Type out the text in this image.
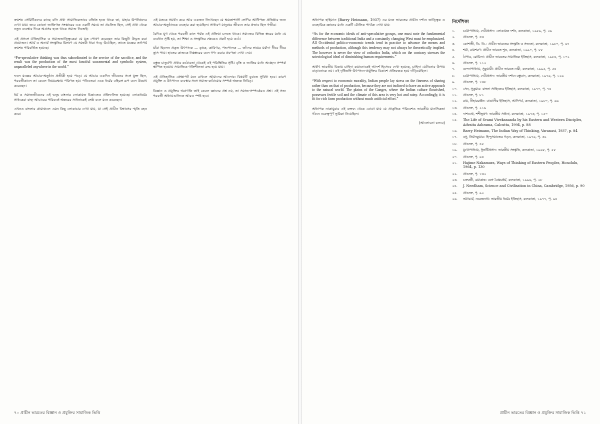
ক্রমশঃ সেমিটিকদের কাছে বলি প্রথা সামাজিকভাবে বর্জিত হতে থাকে তা, যাহার উপনিষদের দেখা যায়। তবে কোনো জাতিগত সংস্কারের এক একটি সময়ে তা প্রচলিত ছিল, সেই প্রথা থেকে নতুন ব্যবস্থার দিকে অগ্রসর হতে থাকে সমাজ নিজেই।

এই প্রসঙ্গে ঐতিহাসিক ও সমাজতাত্ত্বিকেরা যে মত পোষণ করেছেন তার কিছুটা উদ্ধৃত করা প্রয়োজন। আর্য ও অনার্য সংস্কৃতির মিশ্রণে যে সমন্বয়ী ধারা গড়ে উঠেছিল, তাতে যজ্ঞের তাৎপর্য ক্রমশঃ পরিবর্তিত হয়েছে।

“Pre-speculative thinking was thus subordinated to the service of the sacrifice, and the result was the production of the most fanciful sacramental and symbolic system, unparalleled anywhere in the world.”

ফলে যজ্ঞের আচার-অনুষ্ঠান প্রতীকী হয়ে পড়ে। যে আচার একদিন জীবনের সঙ্গে যুক্ত ছিল, পরবর্তীকালে তা কেবল নিয়মরক্ষায় পরিণত হয়। পণ্ডিতেরা একে ধর্মের বহিরঙ্গ রূপ বলে উল্লেখ করেছেন।

ধর্ম ও সমাজজীবনের এই দ্বন্দ্ব বাংলার লোকায়ত চিন্তাতেও প্রতিফলিত হয়েছে। লোকধর্মের সাধকেরা বাহ্য আচারের পরিবর্তে অন্তরের সাধনাকেই শ্রেষ্ঠ বলে মনে করেছেন।

এখনও বাংলার গ্রামাঞ্চলে এমন কিছু লোকাচার দেখা যায়, যা সেই প্রাচীন বিশ্বাসের স্মৃতি বহন করে।

এই মতকে সমর্থন করে আর একজন লিখেছেন যে ক্ষমতাশালী শ্রেণির আধিপত্য প্রতিষ্ঠার জন্য আচার-অনুষ্ঠানকে ব্যবহার করা হয়েছিল। সাধারণ মানুষের জীবনে তার প্রভাব ছিল গভীর।

বৈদিক যুগ থেকে পরবর্তী কাল পর্যন্ত এই প্রক্রিয়া চলতে থাকে। সমাজের বিভিন্ন স্তরের মধ্যে যে ব্যবধান সৃষ্টি হয়, তা শিক্ষা ও সংস্কৃতির ক্ষেত্রেও প্রকট হয়ে ওঠে।

যাঁরা ছিলেন প্রকৃত উৎপাদক — কৃষক, কারিগর, পশুপালক — তাঁদের শ্রমের মর্যাদা ধীরে ধীরে হ্রাস পায়। হাতের কাজকে নিম্নস্তরের বলে গণ্য করার প্রবণতা দেখা দেয়।

বস্তুত চাতুর্বর্ণ্য প্রথার কঠোরতা থেকেই এই পরিস্থিতির সৃষ্টি। বৃত্তি ও জাতির মধ্যে অচ্ছেদ্য সম্পর্ক স্থাপিত হওয়ায় সামাজিক গতিশীলতা রুদ্ধ হয়ে যায়।

এই ঐতিহাসিক প্রেক্ষাপট মনে রাখলে আমাদের আলোচ্য বিষয়টি বুঝতে সুবিধা হবে। কারণ প্রযুক্তি ও উৎপাদন ব্যবস্থার সঙ্গে সমাজ-কাঠামোর সম্পর্ক অত্যন্ত নিবিড়।

বিজ্ঞান ও প্রযুক্তির অগ্রগতি তাই কেবল জ্ঞানের প্রশ্ন নয়, তা সমাজ-সম্পর্কেরও প্রশ্ন। এই সত্য পরবর্তী অধ্যায়গুলিতে আরও স্পষ্ট হবে।

৭০ প্রাচীন ভারতের বিজ্ঞান ও প্রযুক্তির সামাজিক ভিত্তি

অধ্যাপক হাইম্যান (Barry Heimann, 1937) এর মতে ভারতের প্রাচীন দর্শনে তাত্ত্বিক ও ব্যবহারিক জ্ঞানের মধ্যে একটি মৌলিক পার্থক্য দেখা যায়:

“As for the economic ideals of anti-speculative groups, one must note the fundamental difference between traditional India and a constantly changing West must be emphasized. All Occidental politico-economic trends tend in practice to advance the means and methods of production, although this tendency may not always be theoretically implied. The however is never the view of orthodox India, which on the contrary stresses the soteriological ideal of diminishing human requirements.”

অর্থাৎ ভারতীয় চিন্তায় চাহিদা কমানোকেই আদর্শ হিসেবে দেখা হয়েছে, চাহিদা মেটানোর উপায় বাড়ানোকে নয়। এই দৃষ্টিভঙ্গি উৎপাদন-প্রযুক্তির বিকাশে প্রতিবন্ধক হয়ে দাঁড়িয়েছিল।

“With respect to economic morality, Indian people lay stress on the fineness of sharing rather than on that of production, because they are not inclined to have an active approach to the natural world. The plains of the Ganges, where the Indian culture flourished, possesses fertile soil and the climate of this area is very hot and rainy. Accordingly, it is fit for rich farm production without much artificial effort.”

অধ্যাপক নাকামুরার এই বক্তব্য থেকে বোঝা যায় যে প্রাকৃতিক পরিবেশও ভারতীয় মানসিকতা গঠনে গুরুত্বপূর্ণ ভূমিকা নিয়েছিল।

(আলোচনা চলবে)

নির্দেশিকা
১.	চট্টোপাধ্যায়, দেবীপ্রসাদ: লোকায়ত দর্শন, কলকাতা, ১৯৫৬, পৃ. ২৬
২.	প্রাগুক্ত, পৃ. ৪৩
৩.	কোশাম্বী, ডি. ডি.: প্রাচীন ভারতের সংস্কৃতি ও সভ্যতা, কলকাতা, ১৯৮০, পৃ. ৬৭
৪.	শর্মা, রামশরণ: প্রাচীন ভারতে শূদ্র, কলকাতা, ১৯৯০, পৃ. ৮৮
৫.	ঠাপার, রোমিলা: প্রাচীন ভারতের সামাজিক ইতিহাস, কলকাতা, ১৯৮৪, পৃ. ১০২
৬.	প্রাগুক্ত, পৃ. ১১২
৭.	বন্দ্যোপাধ্যায়, সুকুমারী: প্রাচীন ভারতে নারী, কলকাতা, ১৯৯৫, পৃ. ৫৪
৮.	চট্টোপাধ্যায়, দেবীপ্রসাদ: ভারতীয় দর্শনে বস্তুবাদ, কলকাতা, ১৯৭৬, পৃ. ১২৬
৯.	প্রাগুক্ত, পৃ. ১৩৮
১০.	সেন, সুকুমার: বাংলা সাহিত্যের ইতিহাস, কলকাতা, ১৯৭০, পৃ. ৭৪
১১.	প্রাগুক্ত, পৃ. ৮১
১২.	রায়, নীহাররঞ্জন: বাঙালীর ইতিহাস, আদিপর্ব, কলকাতা, ১৯৮০, পৃ. ৬৬
১৩.	প্রাগুক্ত, পৃ. ২১৬
১৪.	দাশগুপ্ত, শশীভূষণ: ভারতীয় সাধনা, কলকাতা, ১৯৭৩, পৃ. ১৫০
১৫.	The Life of Svami Vivekananda by his Eastern and Western Disciples, Advaita Ashrama, Calcutta, 1994, p. 88
১৬.	Barry Heimann, The Indian Way of Thinking, Varanasi, 1937, p. 84
১৭.	বসু, নির্মলকুমার: হিন্দুসমাজের গড়ন, কলকাতা, ১৯৭৬, পৃ. ৩২
১৮.	প্রাগুক্ত, পৃ. ৪৫
১৯.	মুখোপাধ্যায়, ধূর্জটিপ্রসাদ: ভারতীয় সংস্কৃতি, কলকাতা, ১৯৬৮, পৃ. ৫৮
২০.	প্রাগুক্ত, পৃ. ৬৪
২১.	Hajime Nakamura, Ways of Thinking of Eastern Peoples, Honolulu, 1964, p. 130
২২.	প্রাগুক্ত, পৃ. ১৩২
২৩.	চক্রবর্তী, রমাকান্ত: বঙ্গে বৈষ্ণবধর্ম, কলকাতা, ১৯৯৬, পৃ. ২৮
২৪.	J. Needham, Science and Civilisation in China, Cambridge, 1956, p. 90
২৫.	প্রাগুক্ত, পৃ. ৯২
২৬.	ভট্টাচার্য, নরেন্দ্রনাথ: ভারতীয় ধর্মের ইতিহাস, কলকাতা, ১৯৭৭, পৃ. ৯৪
প্রাচীন ভারতের বিজ্ঞান ও প্রযুক্তির সামাজিক ভিত্তি ৭১
